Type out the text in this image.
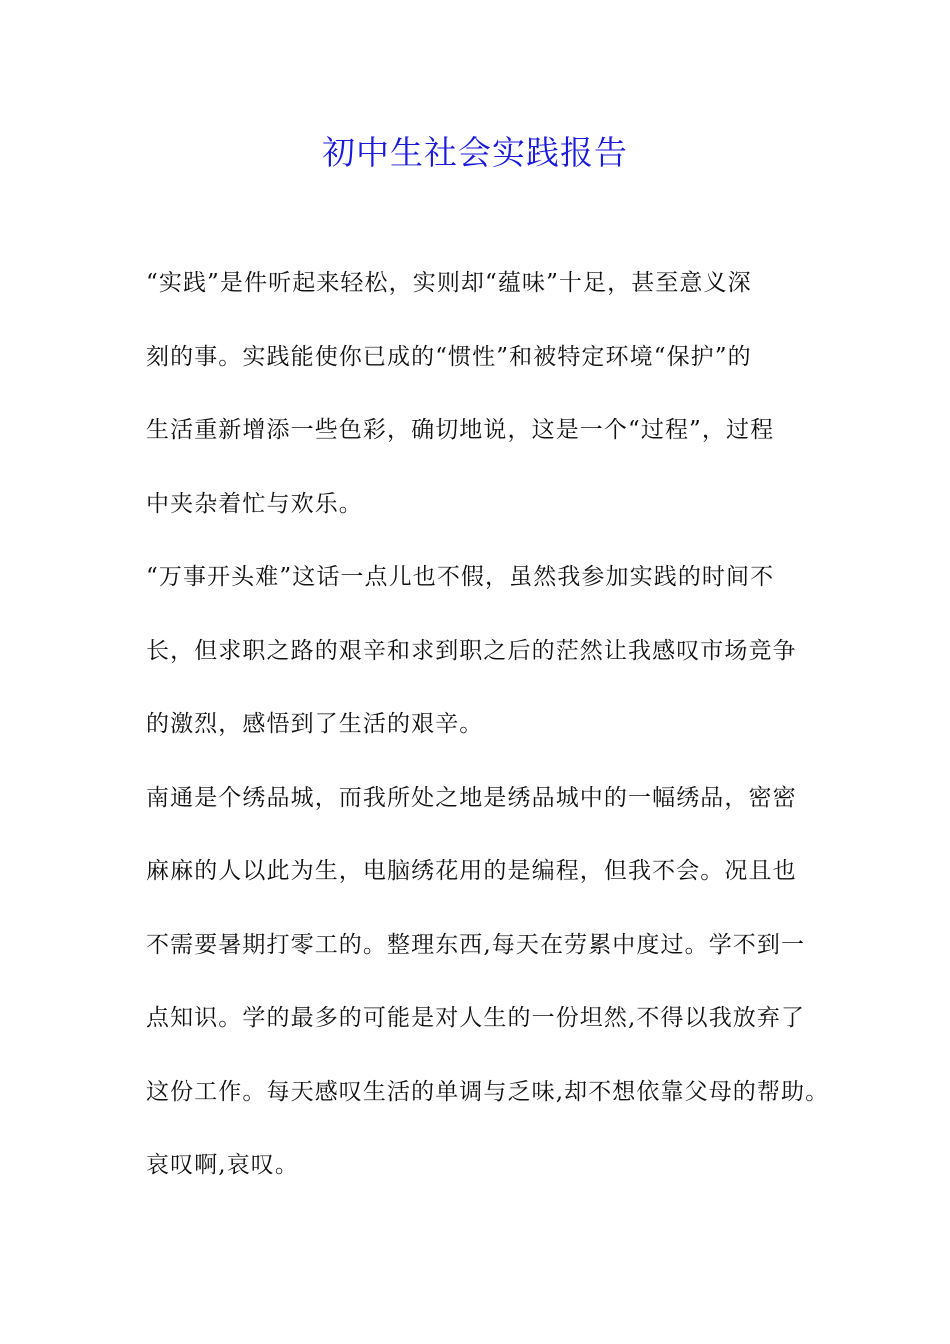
初中生社会实践报告
“实践”是件听起来轻松，实则却“蕴味”十足，甚至意义深
刻的事。实践能使你已成的“惯性”和被特定环境“保护”的
生活重新增添一些色彩，确切地说，这是一个“过程”，过程
中夹杂着忙与欢乐。
“万事开头难”这话一点儿也不假，虽然我参加实践的时间不
长，但求职之路的艰辛和求到职之后的茫然让我感叹市场竞争
的激烈，感悟到了生活的艰辛。
南通是个绣品城，而我所处之地是绣品城中的一幅绣品，密密
麻麻的人以此为生，电脑绣花用的是编程，但我不会。况且也
不需要暑期打零工的。整理东西,每天在劳累中度过。学不到一
点知识。学的最多的可能是对人生的一份坦然,不得以我放弃了
这份工作。每天感叹生活的单调与乏味,却不想依靠父母的帮助。
哀叹啊,哀叹。
